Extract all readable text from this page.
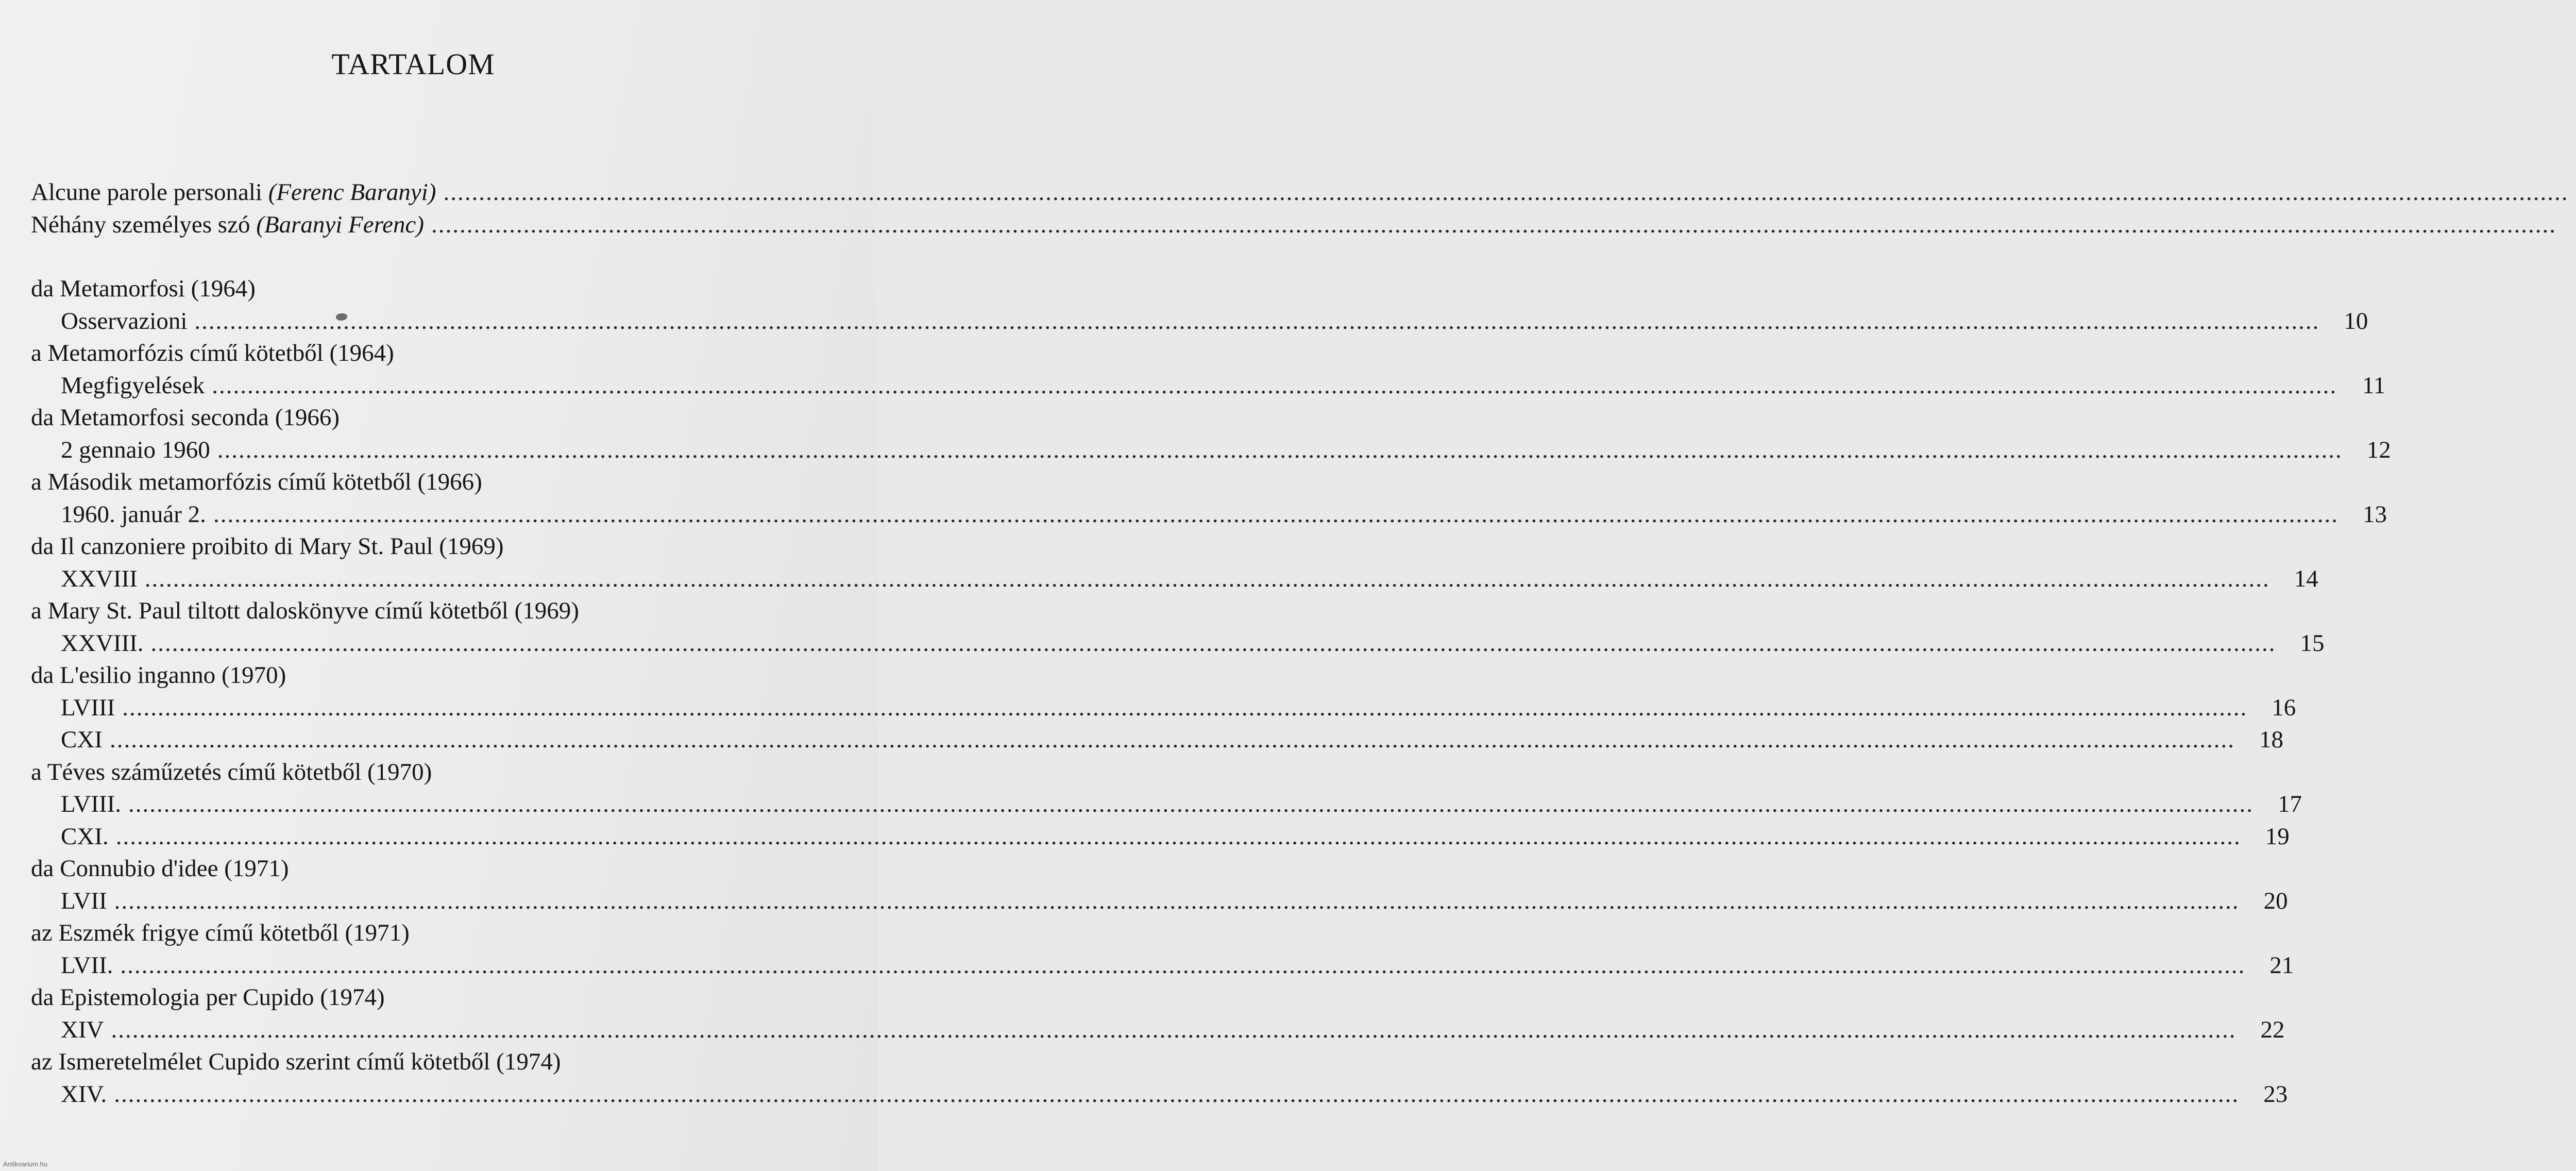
TARTALOM
Alcune parole personali (Ferenc Baranyi) ............................................................................................................................................................................................................................................................................................................
Néhány személyes szó (Baranyi Ferenc) ............................................................................................................................................................................................................................................................................................................
da Metamorfosi (1964)
Osservazioni ............................................................................................................................................................................................................................................................................................................	10
a Metamorfózis című kötetből (1964)
Megfigyelések ............................................................................................................................................................................................................................................................................................................	11
da Metamorfosi seconda (1966)
2 gennaio 1960 ............................................................................................................................................................................................................................................................................................................	12
a Második metamorfózis című kötetből (1966)
1960. január 2. ............................................................................................................................................................................................................................................................................................................	13
da Il canzoniere proibito di Mary St. Paul (1969)
XXVIII ............................................................................................................................................................................................................................................................................................................	14
a Mary St. Paul tiltott daloskönyve című kötetből (1969)
XXVIII. ............................................................................................................................................................................................................................................................................................................	15
da L'esilio inganno (1970)
LVIII ............................................................................................................................................................................................................................................................................................................	16
CXI ............................................................................................................................................................................................................................................................................................................	18
a Téves száműzetés című kötetből (1970)
LVIII. ............................................................................................................................................................................................................................................................................................................	17
CXI. ............................................................................................................................................................................................................................................................................................................	19
da Connubio d'idee (1971)
LVII ............................................................................................................................................................................................................................................................................................................	20
az Eszmék frigye című kötetből (1971)
LVII. ............................................................................................................................................................................................................................................................................................................	21
da Epistemologia per Cupido (1974)
XIV ............................................................................................................................................................................................................................................................................................................	22
az Ismeretelmélet Cupido szerint című kötetből (1974)
XIV. ............................................................................................................................................................................................................................................................................................................	23
Antikvarium.hu
